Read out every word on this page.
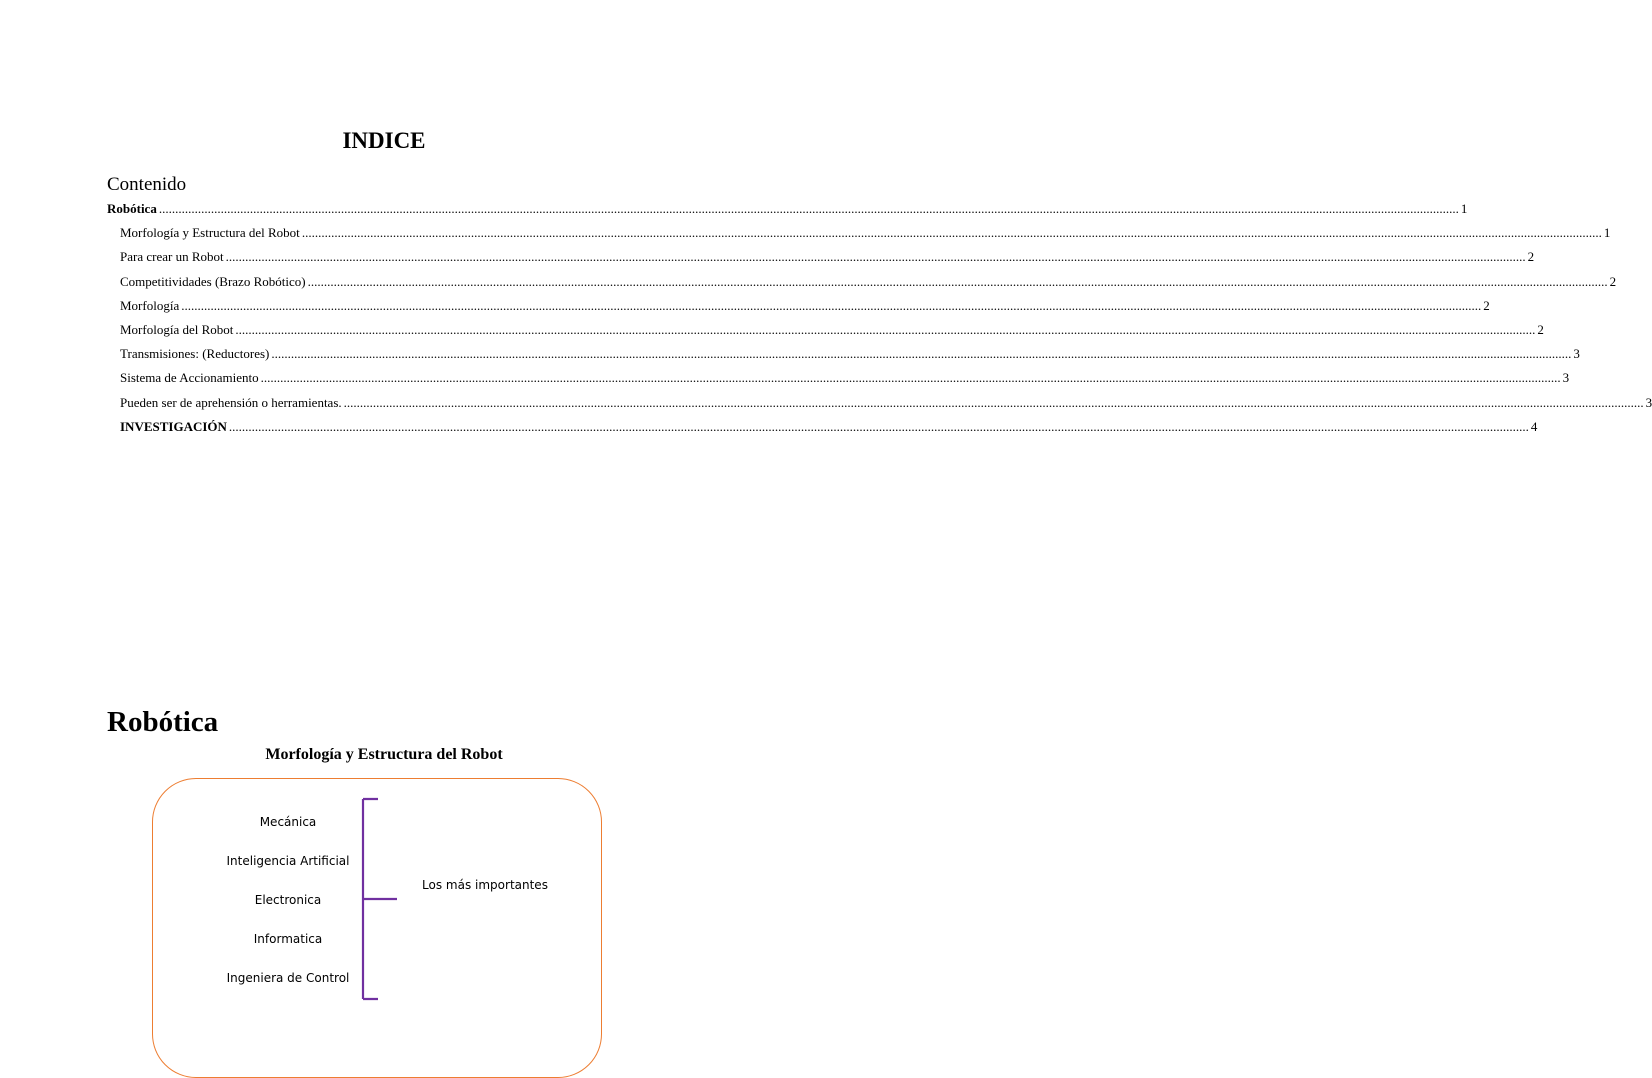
INDICE
Contenido
Robótica ................................................................................................................................................................................................................................................................................................................................................................................................................ 1
Morfología y Estructura del Robot ................................................................................................................................................................................................................................................................................................................................................................................................................ 1
Para crear un Robot ................................................................................................................................................................................................................................................................................................................................................................................................................ 2
Competitividades (Brazo Robótico) ................................................................................................................................................................................................................................................................................................................................................................................................................ 2
Morfología ................................................................................................................................................................................................................................................................................................................................................................................................................ 2
Morfología del Robot ................................................................................................................................................................................................................................................................................................................................................................................................................ 2
Transmisiones: (Reductores) ................................................................................................................................................................................................................................................................................................................................................................................................................ 3
Sistema de Accionamiento ................................................................................................................................................................................................................................................................................................................................................................................................................ 3
Pueden ser de aprehensión o herramientas. ................................................................................................................................................................................................................................................................................................................................................................................................................ 3
INVESTIGACIÓN ................................................................................................................................................................................................................................................................................................................................................................................................................ 4
Robótica
Morfología y Estructura del Robot
Mecánica
Inteligencia Artificial
Electronica
Informatica
Ingeniera de Control
Los más importantes
